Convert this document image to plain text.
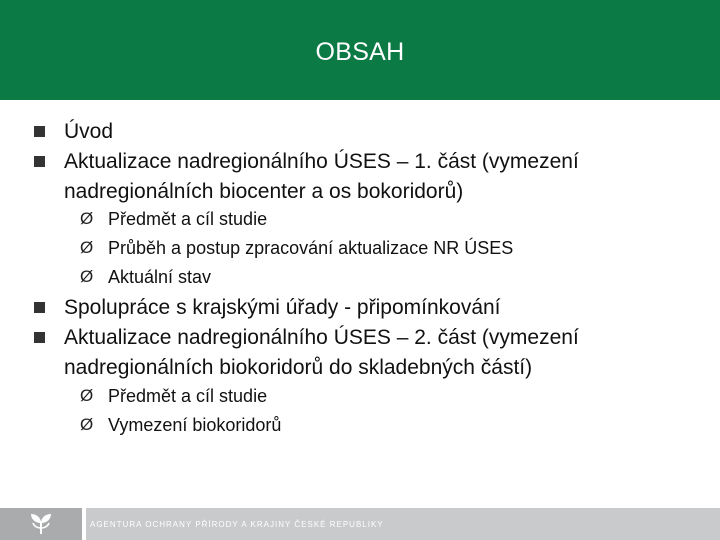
OBSAH
Úvod
Aktualizace nadregionálního ÚSES – 1. část (vymezení
nadregionálních biocenter a os bokoridorů)
Ø Předmět a cíl studie
Ø Průběh a postup zpracování aktualizace NR ÚSES
Ø Aktuální stav
Spolupráce s krajskými úřady - připomínkování
Aktualizace nadregionálního ÚSES – 2. část (vymezení
nadregionálních biokoridorů do skladebných částí)
Ø Předmět a cíl studie
Ø Vymezení biokoridorů
AGENTURA OCHRANY PŘÍRODY A KRAJINY ČESKÉ REPUBLIKY
